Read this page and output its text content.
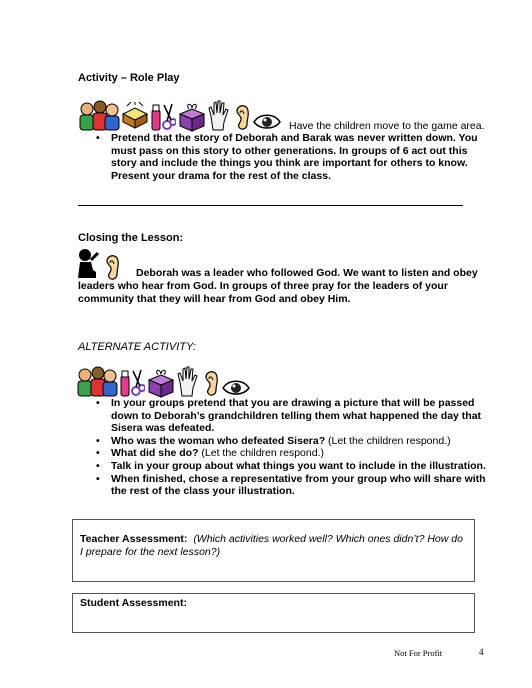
Activity – Role Play
Have the children move to the game area.
• Pretend that the story of Deborah and Barak was never written down. You must pass on this story to other generations. In groups of 6 act out this story and include the things you think are important for others to know. Present your drama for the rest of the class.
Closing the Lesson:
Deborah was a leader who followed God. We want to listen and obey leaders who hear from God. In groups of three pray for the leaders of your community that they will hear from God and obey Him.
ALTERNATE ACTIVITY:
• In your groups pretend that you are drawing a picture that will be passed down to Deborah’s grandchildren telling them what happened the day that Sisera was defeated.
• Who was the woman who defeated Sisera? (Let the children respond.)
• What did she do? (Let the children respond.)
• Talk in your group about what things you want to include in the illustration.
• When finished, chose a representative from your group who will share with the rest of the class your illustration.
Teacher Assessment: (Which activities worked well? Which ones didn’t? How do I prepare for the next lesson?)
Student Assessment:
Not For Profit	4
